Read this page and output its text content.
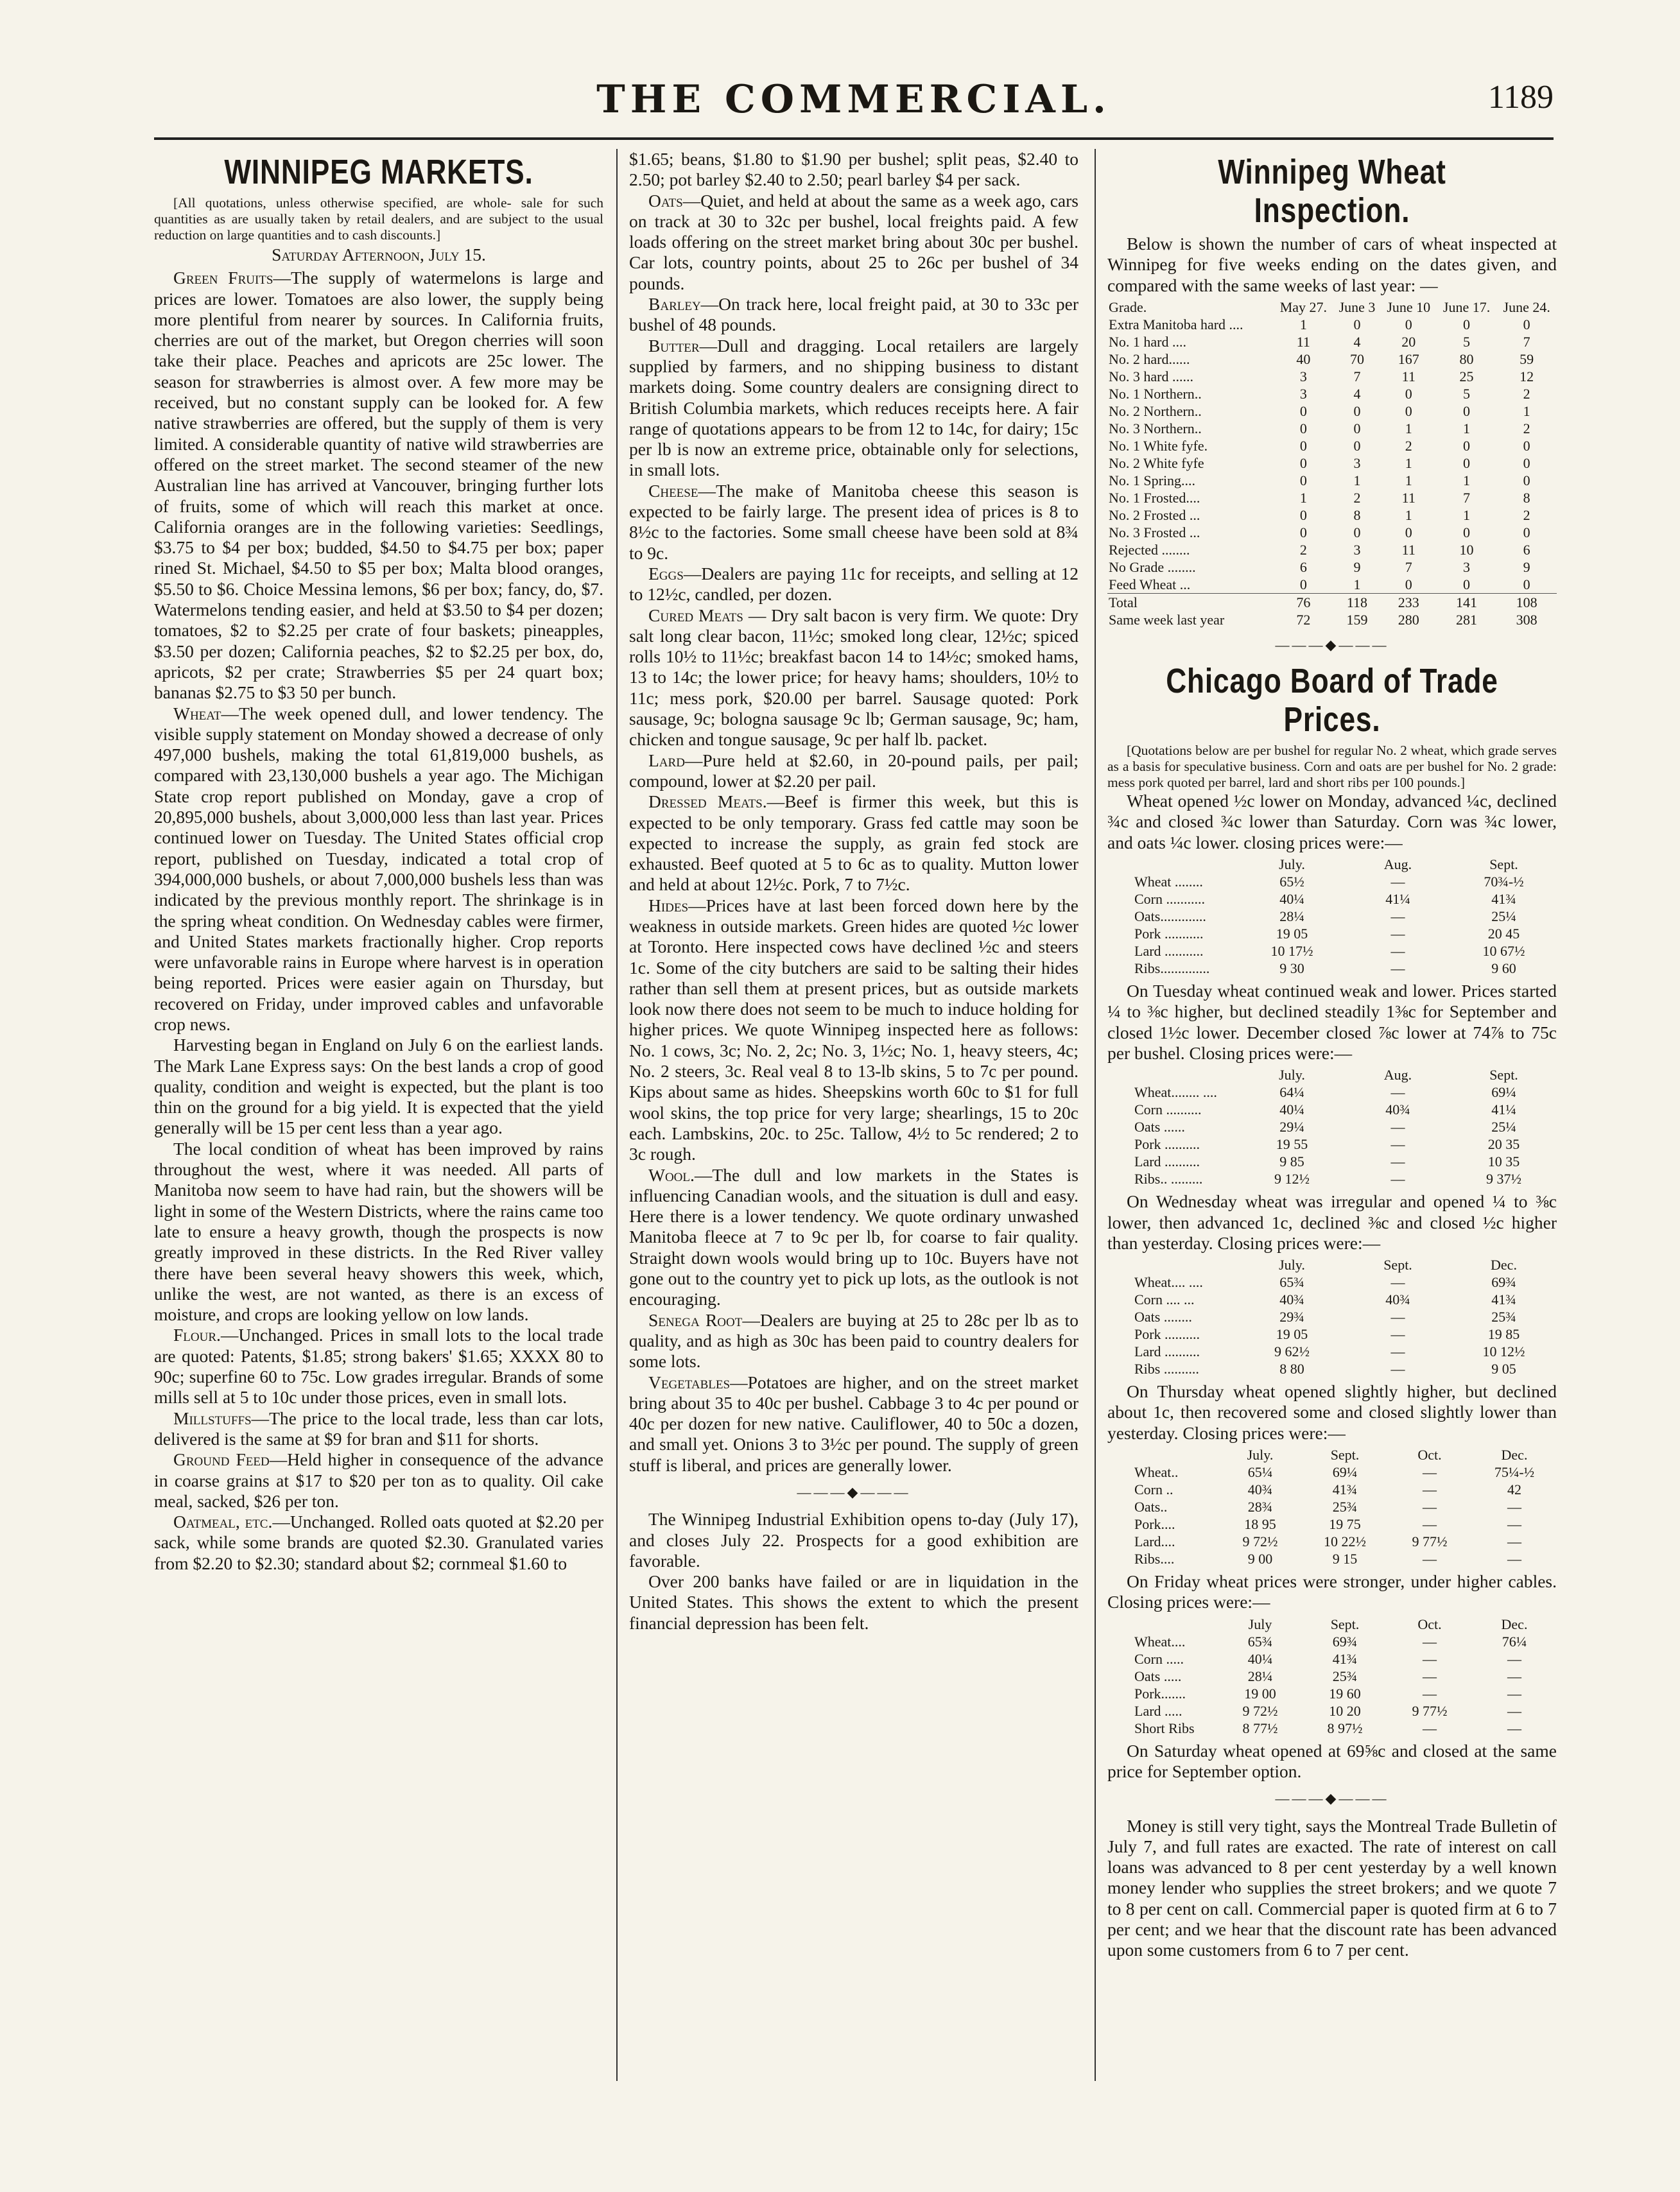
THE COMMERCIAL.	1189
WINNIPEG MARKETS.

[All quotations, unless otherwise specified, are whole- sale for such quantities as are usually taken by retail dealers, and are subject to the usual reduction on large quantities and to cash discounts.]

Saturday Afternoon, July 15.

Green Fruits—The supply of watermelons is large and prices are lower. Tomatoes are also lower, the supply being more plentiful from nearer by sources. In California fruits, cherries are out of the market, but Oregon cherries will soon take their place. Peaches and apricots are 25c lower. The season for strawberries is almost over. A few more may be received, but no constant supply can be looked for. A few native strawberries are offered, but the supply of them is very limited. A considerable quantity of native wild strawberries are offered on the street market. The second steamer of the new Australian line has arrived at Vancouver, bringing further lots of fruits, some of which will reach this market at once. California oranges are in the following varieties: Seedlings, $3.75 to $4 per box; budded, $4.50 to $4.75 per box; paper rined St. Michael, $4.50 to $5 per box; Malta blood oranges, $5.50 to $6. Choice Messina lemons, $6 per box; fancy, do, $7. Watermelons tending easier, and held at $3.50 to $4 per dozen; tomatoes, $2 to $2.25 per crate of four baskets; pineapples, $3.50 per dozen; California peaches, $2 to $2.25 per box, do, apricots, $2 per crate; Strawberries $5 per 24 quart box; bananas $2.75 to $3 50 per bunch.

Wheat—The week opened dull, and lower tendency. The visible supply statement on Monday showed a decrease of only 497,000 bushels, making the total 61,819,000 bushels, as compared with 23,130,000 bushels a year ago. The Michigan State crop report published on Monday, gave a crop of 20,895,000 bushels, about 3,000,000 less than last year. Prices continued lower on Tuesday. The United States official crop report, published on Tuesday, indicated a total crop of 394,000,000 bushels, or about 7,000,000 bushels less than was indicated by the previous monthly report. The shrinkage is in the spring wheat condition. On Wednesday cables were firmer, and United States markets fractionally higher. Crop reports were unfavorable rains in Europe where harvest is in operation being reported. Prices were easier again on Thursday, but recovered on Friday, under improved cables and unfavorable crop news.

Harvesting began in England on July 6 on the earliest lands. The Mark Lane Express says: On the best lands a crop of good quality, condition and weight is expected, but the plant is too thin on the ground for a big yield. It is expected that the yield generally will be 15 per cent less than a year ago.

The local condition of wheat has been improved by rains throughout the west, where it was needed. All parts of Manitoba now seem to have had rain, but the showers will be light in some of the Western Districts, where the rains came too late to ensure a heavy growth, though the prospects is now greatly improved in these districts. In the Red River valley there have been several heavy showers this week, which, unlike the west, are not wanted, as there is an excess of moisture, and crops are looking yellow on low lands.

Flour.—Unchanged. Prices in small lots to the local trade are quoted: Patents, $1.85; strong bakers' $1.65; XXXX 80 to 90c; superfine 60 to 75c. Low grades irregular. Brands of some mills sell at 5 to 10c under those prices, even in small lots.

Millstuffs—The price to the local trade, less than car lots, delivered is the same at $9 for bran and $11 for shorts.

Ground Feed—Held higher in consequence of the advance in coarse grains at $17 to $20 per ton as to quality. Oil cake meal, sacked, $26 per ton.

Oatmeal, etc.—Unchanged. Rolled oats quoted at $2.20 per sack, while some brands are quoted $2.30. Granulated varies from $2.20 to $2.30; standard about $2; cornmeal $1.60 to

$1.65; beans, $1.80 to $1.90 per bushel; split peas, $2.40 to 2.50; pot barley $2.40 to 2.50; pearl barley $4 per sack.

Oats—Quiet, and held at about the same as a week ago, cars on track at 30 to 32c per bushel, local freights paid. A few loads offering on the street market bring about 30c per bushel. Car lots, country points, about 25 to 26c per bushel of 34 pounds.

Barley—On track here, local freight paid, at 30 to 33c per bushel of 48 pounds.

Butter—Dull and dragging. Local retailers are largely supplied by farmers, and no shipping business to distant markets doing. Some country dealers are consigning direct to British Columbia markets, which reduces receipts here. A fair range of quotations appears to be from 12 to 14c, for dairy; 15c per lb is now an extreme price, obtainable only for selections, in small lots.

Cheese—The make of Manitoba cheese this season is expected to be fairly large. The present idea of prices is 8 to 8½c to the factories. Some small cheese have been sold at 8¾ to 9c.

Eggs—Dealers are paying 11c for receipts, and selling at 12 to 12½c, candled, per dozen.

Cured Meats — Dry salt bacon is very firm. We quote: Dry salt long clear bacon, 11½c; smoked long clear, 12½c; spiced rolls 10½ to 11½c; breakfast bacon 14 to 14½c; smoked hams, 13 to 14c; the lower price; for heavy hams; shoulders, 10½ to 11c; mess pork, $20.00 per barrel. Sausage quoted: Pork sausage, 9c; bologna sausage 9c lb; German sausage, 9c; ham, chicken and tongue sausage, 9c per half lb. packet.

Lard—Pure held at $2.60, in 20-pound pails, per pail; compound, lower at $2.20 per pail.

Dressed Meats.—Beef is firmer this week, but this is expected to be only temporary. Grass fed cattle may soon be expected to increase the supply, as grain fed stock are exhausted. Beef quoted at 5 to 6c as to quality. Mutton lower and held at about 12½c. Pork, 7 to 7½c.

Hides—Prices have at last been forced down here by the weakness in outside markets. Green hides are quoted ½c lower at Toronto. Here inspected cows have declined ½c and steers 1c. Some of the city butchers are said to be salting their hides rather than sell them at present prices, but as outside markets look now there does not seem to be much to induce holding for higher prices. We quote Winnipeg inspected here as follows: No. 1 cows, 3c; No. 2, 2c; No. 3, 1½c; No. 1, heavy steers, 4c; No. 2 steers, 3c. Real veal 8 to 13-lb skins, 5 to 7c per pound. Kips about same as hides. Sheepskins worth 60c to $1 for full wool skins, the top price for very large; shearlings, 15 to 20c each. Lambskins, 20c. to 25c. Tallow, 4½ to 5c rendered; 2 to 3c rough.

Wool.—The dull and low markets in the States is influencing Canadian wools, and the situation is dull and easy. Here there is a lower tendency. We quote ordinary unwashed Manitoba fleece at 7 to 9c per lb, for coarse to fair quality. Straight down wools would bring up to 10c. Buyers have not gone out to the country yet to pick up lots, as the outlook is not encouraging.

Senega Root—Dealers are buying at 25 to 28c per lb as to quality, and as high as 30c has been paid to country dealers for some lots.

Vegetables—Potatoes are higher, and on the street market bring about 35 to 40c per bushel. Cabbage 3 to 4c per pound or 40c per dozen for new native. Cauliflower, 40 to 50c a dozen, and small yet. Onions 3 to 3½c per pound. The supply of green stuff is liberal, and prices are generally lower.

———◆———

The Winnipeg Industrial Exhibition opens to-day (July 17), and closes July 22. Prospects for a good exhibition are favorable.

Over 200 banks have failed or are in liquidation in the United States. This shows the extent to which the present financial depression has been felt.

Winnipeg Wheat Inspection.

Below is shown the number of cars of wheat inspected at Winnipeg for five weeks ending on the dates given, and compared with the same weeks of last year: —

Grade.	May 27.	June 3	June 10	June 17.	June 24.
Extra Manitoba hard ....	1	0	0	0	0
No. 1 hard ....	11	4	20	5	7
No. 2 hard......	40	70	167	80	59
No. 3 hard ......	3	7	11	25	12
No. 1 Northern..	3	4	0	5	2
No. 2 Northern..	0	0	0	0	1
No. 3 Northern..	0	0	1	1	2
No. 1 White fyfe.	0	0	2	0	0
No. 2 White fyfe	0	3	1	0	0
No. 1 Spring....	0	1	1	1	0
No. 1 Frosted....	1	2	11	7	8
No. 2 Frosted ...	0	8	1	1	2
No. 3 Frosted ...	0	0	0	0	0
Rejected ........	2	3	11	10	6
No Grade ........	6	9	7	3	9
Feed Wheat ...	0	1	0	0	0
Total	76	118	233	141	108
Same week last year	72	159	280	281	308
———◆———
Chicago Board of Trade Prices.

[Quotations below are per bushel for regular No. 2 wheat, which grade serves as a basis for speculative business. Corn and oats are per bushel for No. 2 grade: mess pork quoted per barrel, lard and short ribs per 100 pounds.]

Wheat opened ½c lower on Monday, advanced ¼c, declined ¾c and closed ¾c lower than Saturday. Corn was ¾c lower, and oats ¼c lower. closing prices were:—

	July.	Aug.	Sept.
Wheat ........	65½	—	70¾-½
Corn ...........	40¼	41¼	41¾
Oats.............	28¼	—	25¼
Pork ...........	19 05	—	20 45
Lard ...........	10 17½	—	10 67½
Ribs..............	9 30	—	9 60

On Tuesday wheat continued weak and lower. Prices started ¼ to ⅜c higher, but declined steadily 1⅜c for September and closed 1½c lower. December closed ⅞c lower at 74⅞ to 75c per bushel. Closing prices were:—

	July.	Aug.	Sept.
Wheat........ ....	64¼	—	69¼
Corn ..........	40¼	40¾	41¼
Oats ......	29¼	—	25¼
Pork ..........	19 55	—	20 35
Lard ..........	9 85	—	10 35
Ribs.. .........	9 12½	—	9 37½

On Wednesday wheat was irregular and opened ¼ to ⅜c lower, then advanced 1c, declined ⅜c and closed ½c higher than yesterday. Closing prices were:—

	July.	Sept.	Dec.
Wheat.... ....	65¾	—	69¾
Corn .... ...	40¾	40¾	41¾
Oats ........	29¾	—	25¾
Pork ..........	19 05	—	19 85
Lard ..........	9 62½	—	10 12½
Ribs ..........	8 80	—	9 05

On Thursday wheat opened slightly higher, but declined about 1c, then recovered some and closed slightly lower than yesterday. Closing prices were:—

	July.	Sept.	Oct.	Dec.
Wheat..	65¼	69¼	—	75¼-½
Corn ..	40¾	41¾	—	42
Oats..	28¾	25¾	—	—
Pork....	18 95	19 75	—	—
Lard....	9 72½	10 22½	9 77½	—
Ribs....	9 00	9 15	—	—

On Friday wheat prices were stronger, under higher cables. Closing prices were:—

	July	Sept.	Oct.	Dec.
Wheat....	65¾	69¾	—	76¼
Corn .....	40¼	41¾	—	—
Oats .....	28¼	25¾	—	—
Pork.......	19 00	19 60	—	—
Lard .....	9 72½	10 20	9 77½	—
Short Ribs	8 77½	8 97½	—	—

On Saturday wheat opened at 69⅝c and closed at the same price for September option.

———◆———

Money is still very tight, says the Montreal Trade Bulletin of July 7, and full rates are exacted. The rate of interest on call loans was advanced to 8 per cent yesterday by a well known money lender who supplies the street brokers; and we quote 7 to 8 per cent on call. Commercial paper is quoted firm at 6 to 7 per cent; and we hear that the discount rate has been advanced upon some customers from 6 to 7 per cent.
